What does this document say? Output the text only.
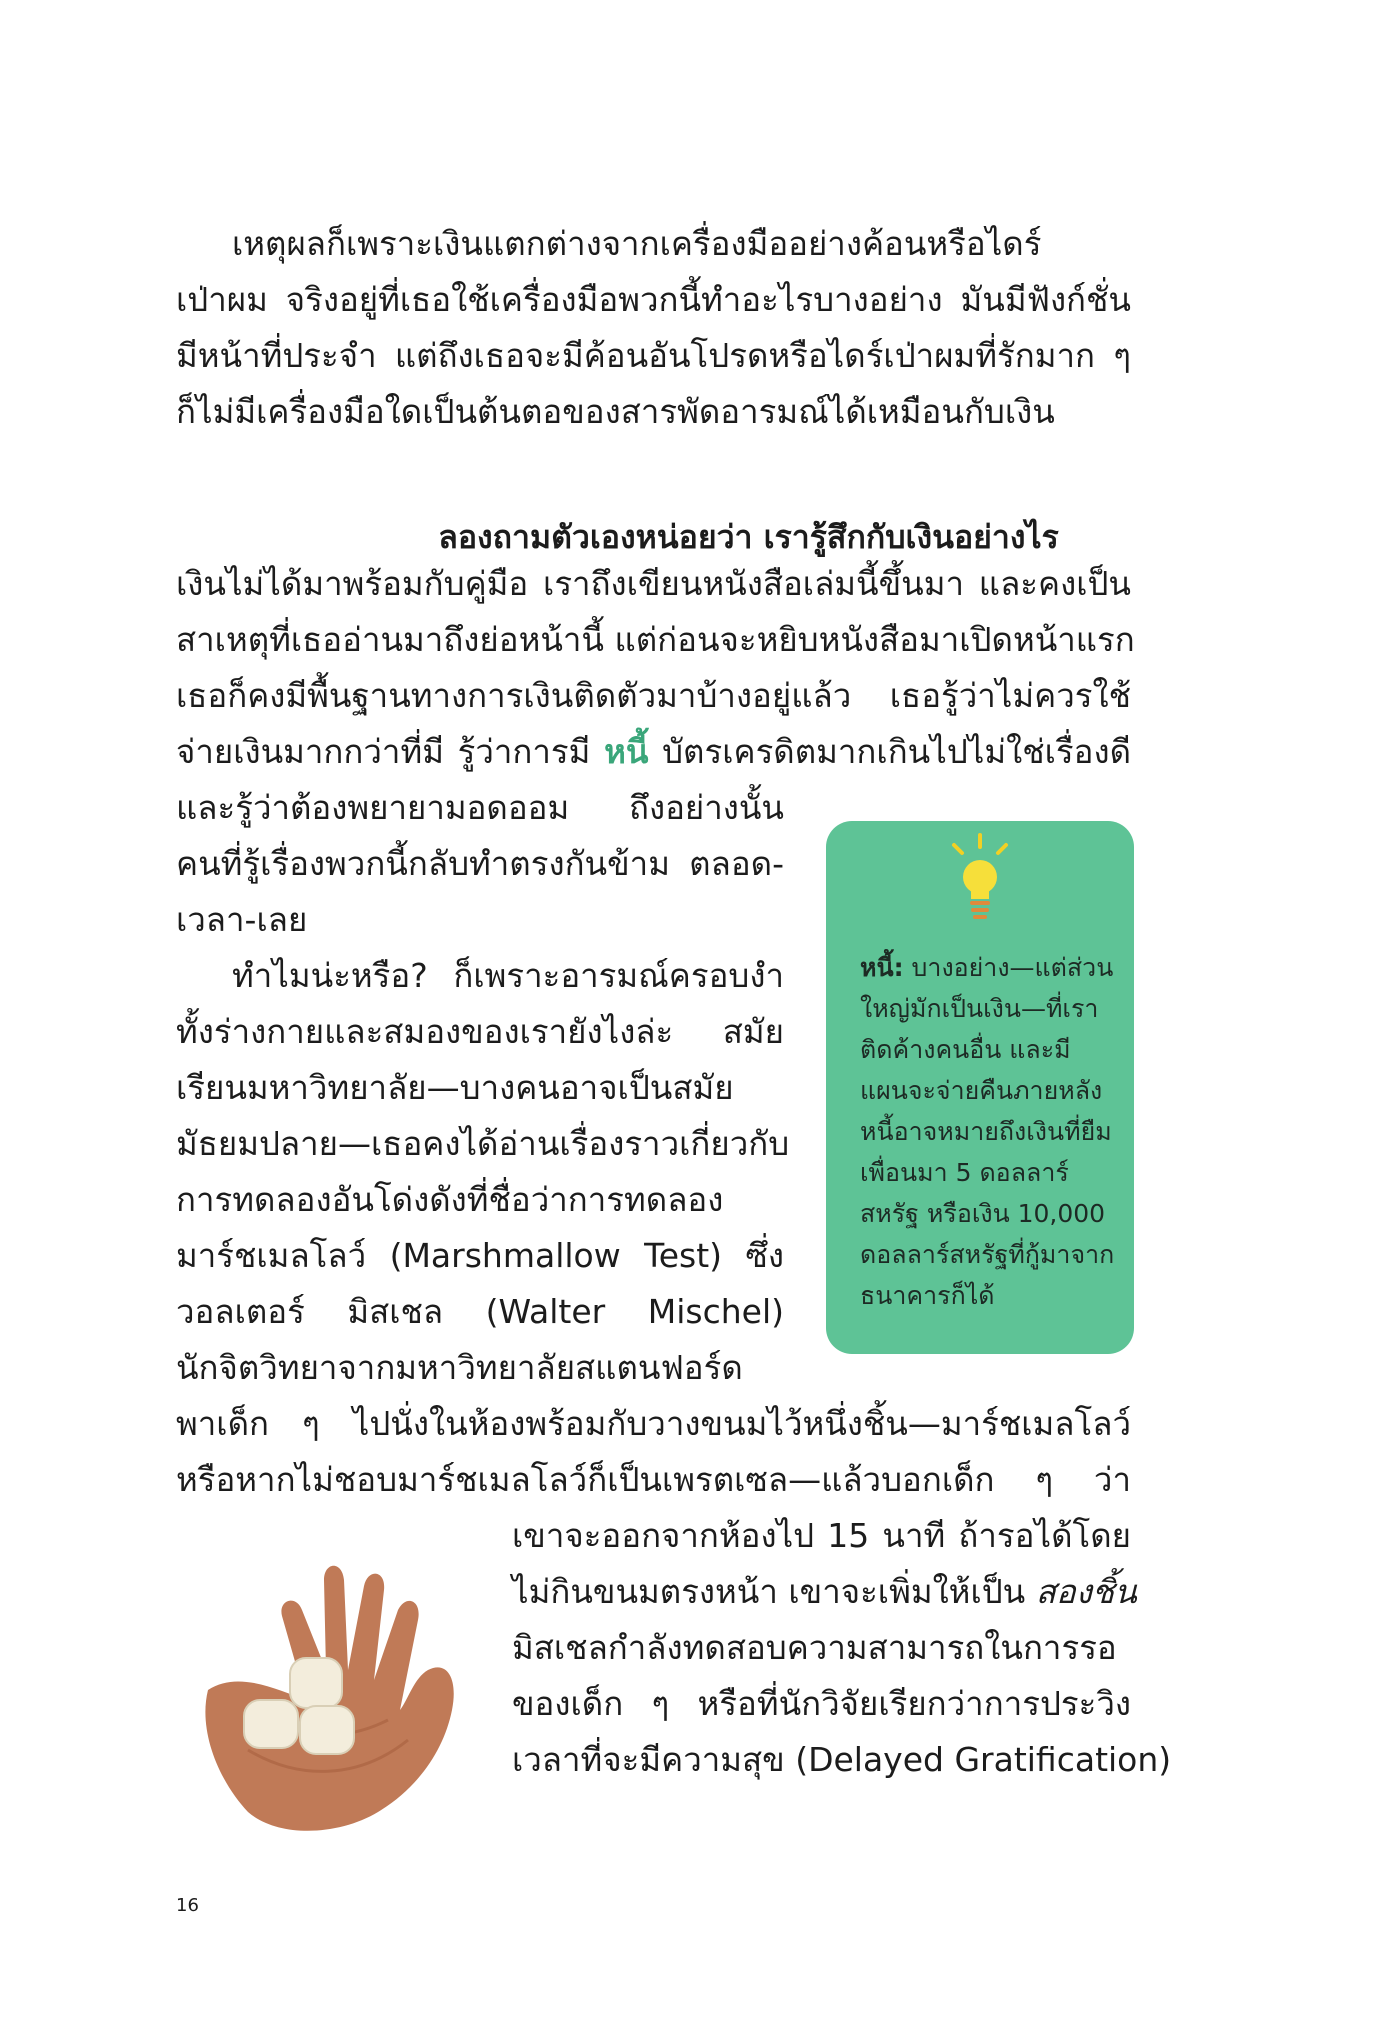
เหตุผลก็เพราะเงินแตกต่างจากเครื่องมืออย่างค้อนหรือไดร์
เป่าผม จริงอยู่ที่เธอใช้เครื่องมือพวกนี้ทำอะไรบางอย่าง มันมีฟังก์ชั่น
มีหน้าที่ประจำ แต่ถึงเธอจะมีค้อนอันโปรดหรือไดร์เป่าผมที่รักมาก ๆ
ก็ไม่มีเครื่องมือใดเป็นต้นตอของสารพัดอารมณ์ได้เหมือนกับเงิน
ลองถามตัวเองหน่อยว่า เรารู้สึกกับเงินอย่างไร
เงินไม่ได้มาพร้อมกับคู่มือ เราถึงเขียนหนังสือเล่มนี้ขึ้นมา และคงเป็น
สาเหตุที่เธออ่านมาถึงย่อหน้านี้ แต่ก่อนจะหยิบหนังสือมาเปิดหน้าแรก
เธอก็คงมีพื้นฐานทางการเงินติดตัวมาบ้างอยู่แล้ว เธอรู้ว่าไม่ควรใช้
จ่ายเงินมากกว่าที่มี รู้ว่าการมี หนี้ บัตรเครดิตมากเกินไปไม่ใช่เรื่องดี
และรู้ว่าต้องพยายามอดออม ถึงอย่างนั้น
คนที่รู้เรื่องพวกนี้กลับทำตรงกันข้าม ตลอด-
เวลา-เลย
ทำไมน่ะหรือ? ก็เพราะอารมณ์ครอบงำ
ทั้งร่างกายและสมองของเรายังไงล่ะ สมัย
เรียนมหาวิทยาลัย—บางคนอาจเป็นสมัย
มัธยมปลาย—เธอคงได้อ่านเรื่องราวเกี่ยวกับ
การทดลองอันโด่งดังที่ชื่อว่าการทดลอง
มาร์ชเมลโลว์ (Marshmallow Test) ซึ่ง
วอลเตอร์ มิสเชล (Walter Mischel)
นักจิตวิทยาจากมหาวิทยาลัยสแตนฟอร์ด
หนี้: บางอย่าง—แต่ส่วนใหญ่มักเป็นเงิน—ที่เราติดค้างคนอื่น และมีแผนจะจ่ายคืนภายหลัง หนี้อาจหมายถึงเงินที่ยืมเพื่อนมา 5 ดอลลาร์สหรัฐ หรือเงิน 10,000 ดอลลาร์สหรัฐที่กู้มาจากธนาคารก็ได้
พาเด็ก ๆ ไปนั่งในห้องพร้อมกับวางขนมไว้หนึ่งชิ้น—มาร์ชเมลโลว์
หรือหากไม่ชอบมาร์ชเมลโลว์ก็เป็นเพรตเซล—แล้วบอกเด็ก ๆ ว่า
เขาจะออกจากห้องไป 15 นาที ถ้ารอได้โดย
ไม่กินขนมตรงหน้า เขาจะเพิ่มให้เป็น สองชิ้น
มิสเชลกำลังทดสอบความสามารถในการรอ
ของเด็ก ๆ หรือที่นักวิจัยเรียกว่าการประวิง
เวลาที่จะมีความสุข (Delayed Gratification)
16
